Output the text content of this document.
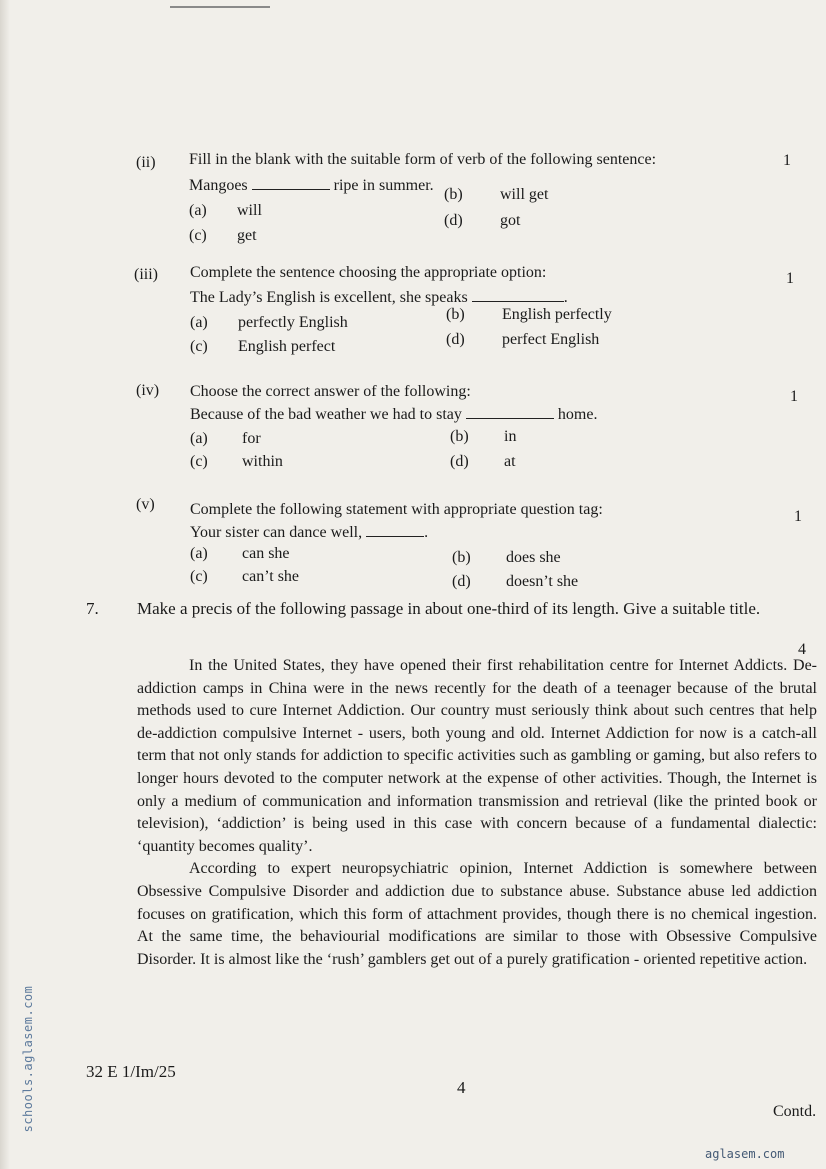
(ii) Fill in the blank with the suitable form of verb of the following sentence:
Mangoes	ripe in summer.
1
(a) will
(b) will get
(c) get
(d) got
(iii) Complete the sentence choosing the appropriate option:
The Lady’s English is excellent, she speaks	.
1
(a) perfectly English	(b) English perfectly
(c) English perfect	(d) perfect English
(iv) Choose the correct answer of the following:
Because of the bad weather we had to stay	home.
1
(a) for	(b) in
(c) within	(d) at
(v) Complete the following statement with appropriate question tag:
Your sister can dance well,	.
1
(a) can she	(b) does she
(c) can’t she	(d) doesn’t she
7. Make a precis of the following passage in about one-third of its length. Give a suitable title.
4

In the United States, they have opened their first rehabilitation centre for Internet Addicts. De-addiction camps in China were in the news recently for the death of a teenager because of the brutal methods used to cure Internet Addiction. Our country must seriously think about such centres that help de-addiction compulsive Internet - users, both young and old. Internet Addiction for now is a catch-all term that not only stands for addiction to specific activities such as gambling or gaming, but also refers to longer hours devoted to the computer network at the expense of other activities. Though, the Internet is only a medium of communication and information transmission and retrieval (like the printed book or television), ‘addiction’ is being used in this case with concern because of a fundamental dialectic: ‘quantity becomes quality’.

According to expert neuropsychiatric opinion, Internet Addiction is somewhere between Obsessive Compulsive Disorder and addiction due to substance abuse. Substance abuse led addiction focuses on gratification, which this form of attachment provides, though there is no chemical ingestion. At the same time, the behaviourial modifications are similar to those with Obsessive Compulsive Disorder. It is almost like the ‘rush’ gamblers get out of a purely gratification - oriented repetitive action.

32 E 1/Im/25
4
Contd.
schools.aglasem.com
aglasem.com
